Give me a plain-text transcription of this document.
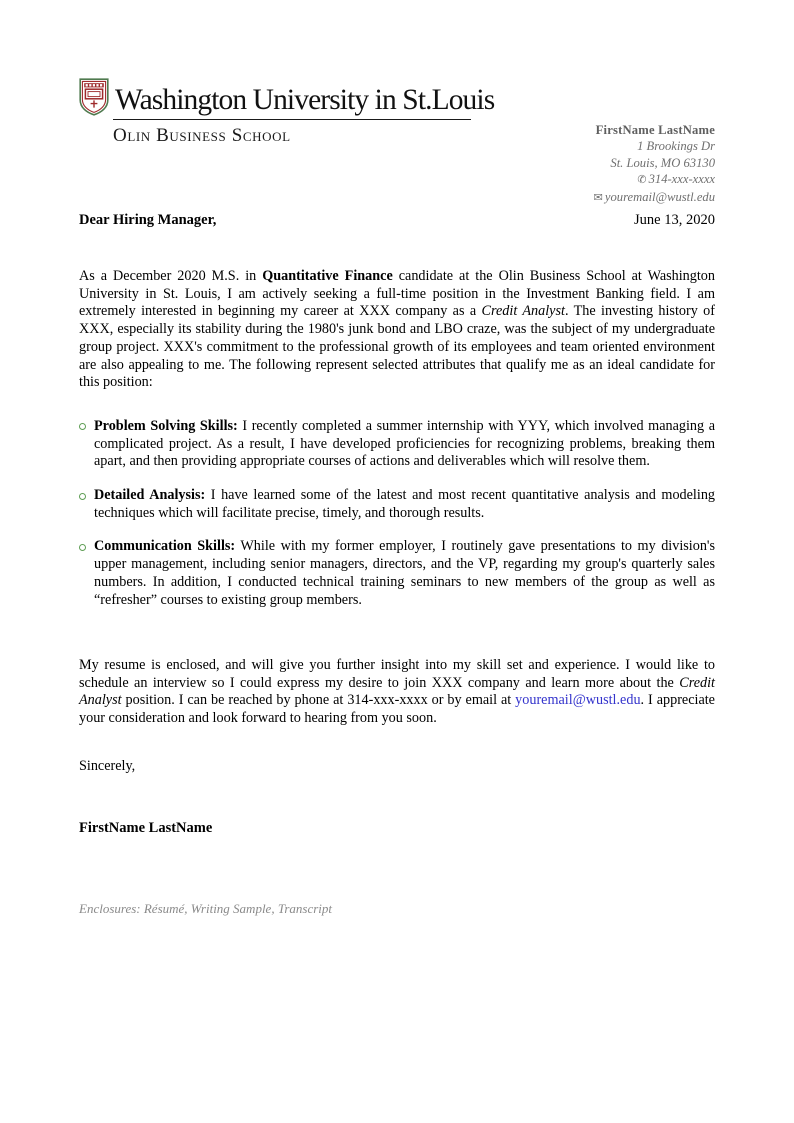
Washington University in St.Louis
Olin Business School	FirstName LastName
1 Brookings Dr
St. Louis, MO 63130
✆ 314-xxx-xxxx
✉ youremail@wustl.edu
Dear Hiring Manager,	June 13, 2020

As a December 2020 M.S. in Quantitative Finance candidate at the Olin Business School at Washington University in St. Louis, I am actively seeking a full-time position in the Investment Banking field. I am extremely interested in beginning my career at XXX company as a Credit Analyst. The investing history of XXX, especially its stability during the 1980's junk bond and LBO craze, was the subject of my undergraduate group project. XXX's commitment to the professional growth of its employees and team oriented environment are also appealing to me. The following represent selected attributes that qualify me as an ideal candidate for this position:

Problem Solving Skills: I recently completed a summer internship with YYY, which involved managing a complicated project. As a result, I have developed proficiencies for recognizing problems, breaking them apart, and then providing appropriate courses of actions and deliverables which will resolve them.
Detailed Analysis: I have learned some of the latest and most recent quantitative analysis and modeling techniques which will facilitate precise, timely, and thorough results.
Communication Skills: While with my former employer, I routinely gave presentations to my division's upper management, including senior managers, directors, and the VP, regarding my group's quarterly sales numbers. In addition, I conducted technical training seminars to new members of the group as well as “refresher” courses to existing group members.

My resume is enclosed, and will give you further insight into my skill set and experience. I would like to schedule an interview so I could express my desire to join XXX company and learn more about the Credit Analyst position. I can be reached by phone at 314-xxx-xxxx or by email at youremail@wustl.edu. I appreciate your consideration and look forward to hearing from you soon.

Sincerely,
FirstName LastName
Enclosures: Résumé, Writing Sample, Transcript
